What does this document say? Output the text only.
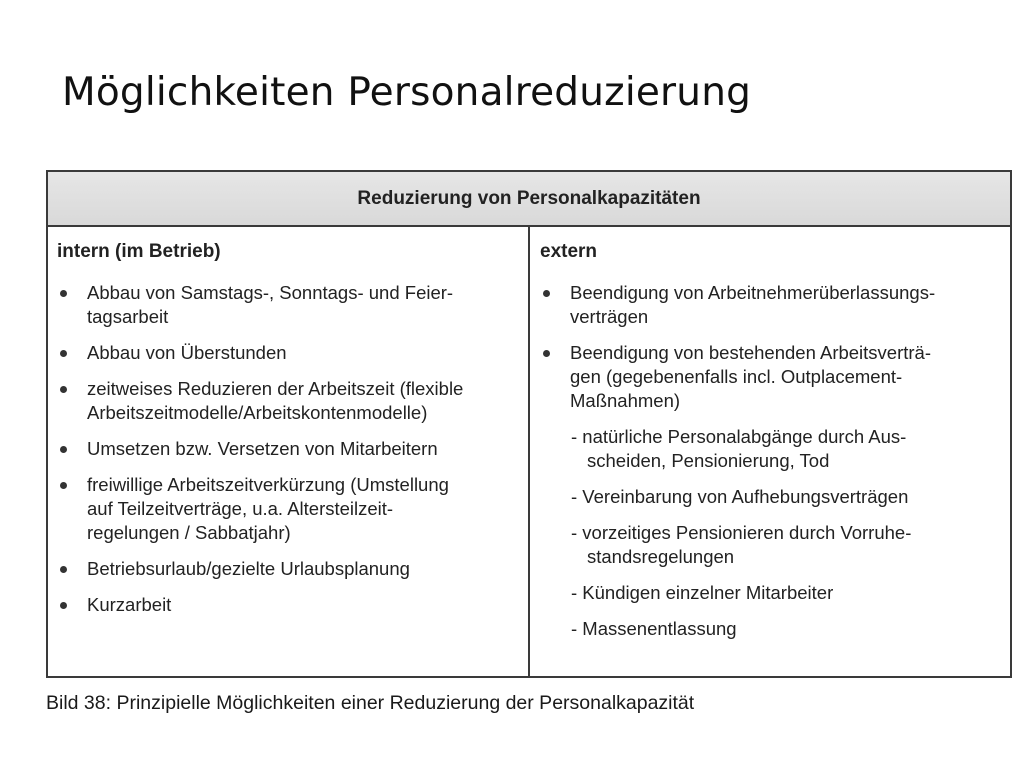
Möglichkeiten Personalreduzierung
Reduzierung von Personalkapazitäten
intern (im Betrieb)
Abbau von Samstags-, Sonntags- und Feier-
tagsarbeit
Abbau von Überstunden
zeitweises Reduzieren der Arbeitszeit (flexible
Arbeitszeitmodelle/Arbeitskontenmodelle)
Umsetzen bzw. Versetzen von Mitarbeitern
freiwillige Arbeitszeitverkürzung (Umstellung
auf Teilzeitverträge, u.a. Altersteilzeit-
regelungen / Sabbatjahr)
Betriebsurlaub/gezielte Urlaubsplanung
Kurzarbeit
extern
Beendigung von Arbeitnehmerüberlassungs-
verträgen
Beendigung von bestehenden Arbeitsverträ-
gen (gegebenenfalls incl. Outplacement-
Maßnahmen)
- natürliche Personalabgänge durch Aus-
scheiden, Pensionierung, Tod
- Vereinbarung von Aufhebungsverträgen
- vorzeitiges Pensionieren durch Vorruhe-
standsregelungen
- Kündigen einzelner Mitarbeiter
- Massenentlassung
Bild 38: Prinzipielle Möglichkeiten einer Reduzierung der Personalkapazität
